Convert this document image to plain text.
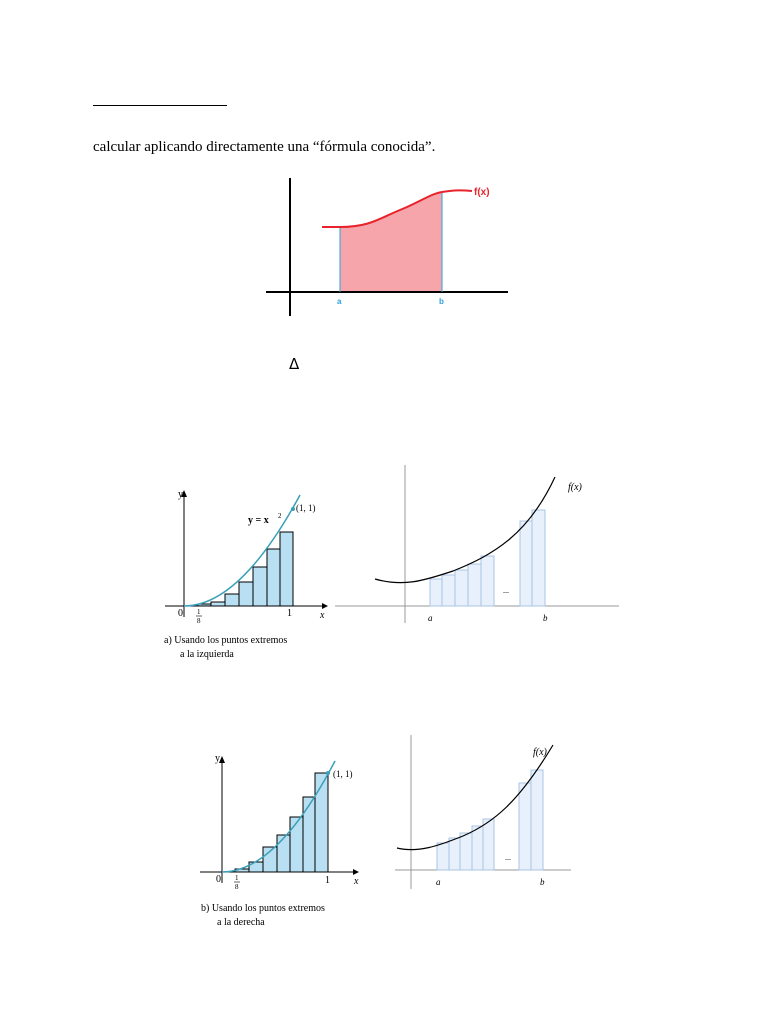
calcular aplicando directamente una “fórmula conocida”.
f(x)
a	b
Δ
y
x
0 1
8
1
(1, 1)
y = x 2
a) Usando los puntos extremos
a la izquierda
f(x)
a	b
...
y
x
0 1
8
1
(1, 1)
b) Usando los puntos extremos
a la derecha
f(x)
a	b
...
